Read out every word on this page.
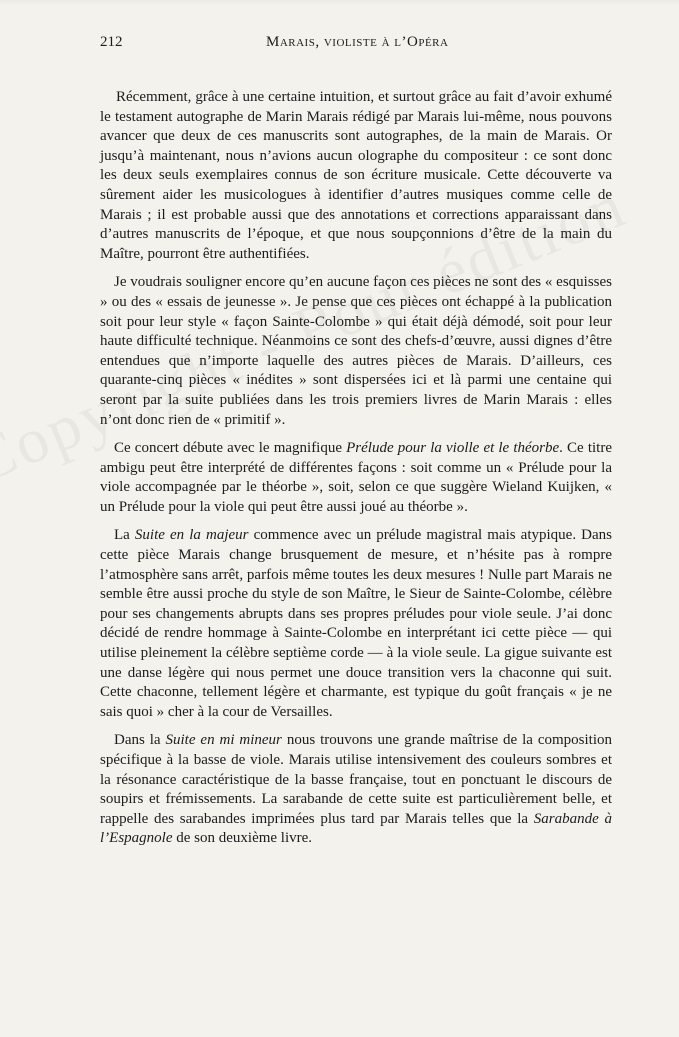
212	Marais, violiste à l’Opéra

Récemment, grâce à une certaine intuition, et surtout grâce au fait d’avoir exhumé le testament autographe de Marin Marais rédigé par Marais lui-même, nous pouvons avancer que deux de ces manuscrits sont autographes, de la main de Marais. Or jusqu’à maintenant, nous n’avions aucun olographe du compositeur : ce sont donc les deux seuls exemplaires connus de son écriture musicale. Cette découverte va sûrement aider les musicologues à identifier d’autres musiques comme celle de Marais ; il est probable aussi que des annotations et corrections apparaissant dans d’autres manuscrits de l’époque, et que nous soupçonnions d’être de la main du Maître, pourront être authentifiées.

Je voudrais souligner encore qu’en aucune façon ces pièces ne sont des « esquisses » ou des « essais de jeunesse ». Je pense que ces pièces ont échappé à la publication soit pour leur style « façon Sainte-Colombe » qui était déjà démodé, soit pour leur haute difficulté technique. Néanmoins ce sont des chefs-d’œuvre, aussi dignes d’être entendues que n’importe laquelle des autres pièces de Marais. D’ailleurs, ces quarante-cinq pièces « inédites » sont dispersées ici et là parmi une centaine qui seront par la suite publiées dans les trois premiers livres de Marin Marais : elles n’ont donc rien de « primitif ».

Ce concert débute avec le magnifique Prélude pour la violle et le théorbe. Ce titre ambigu peut être interprété de différentes façons : soit comme un « Prélude pour la viole accompagnée par le théorbe », soit, selon ce que suggère Wieland Kuijken, « un Prélude pour la viole qui peut être aussi joué au théorbe ».

La Suite en la majeur commence avec un prélude magistral mais atypique. Dans cette pièce Marais change brusquement de mesure, et n’hésite pas à rompre l’atmosphère sans arrêt, parfois même toutes les deux mesures ! Nulle part Marais ne semble être aussi proche du style de son Maître, le Sieur de Sainte-Colombe, célèbre pour ses changements abrupts dans ses propres préludes pour viole seule. J’ai donc décidé de rendre hommage à Sainte-Colombe en interprétant ici cette pièce — qui utilise pleinement la célèbre septième corde — à la viole seule. La gigue suivante est une danse légère qui nous permet une douce transition vers la chaconne qui suit. Cette chaconne, tellement légère et charmante, est typique du goût français « je ne sais quoi » cher à la cour de Versailles.

Dans la Suite en mi mineur nous trouvons une grande maîtrise de la composition spécifique à la basse de viole. Marais utilise intensivement des couleurs sombres et la résonance caractéristique de la basse française, tout en ponctuant le discours de soupirs et frémissements. La sarabande de cette suite est particulièrement belle, et rappelle des sarabandes imprimées plus tard par Marais telles que la Sarabande à l’Espagnole de son deuxième livre.
